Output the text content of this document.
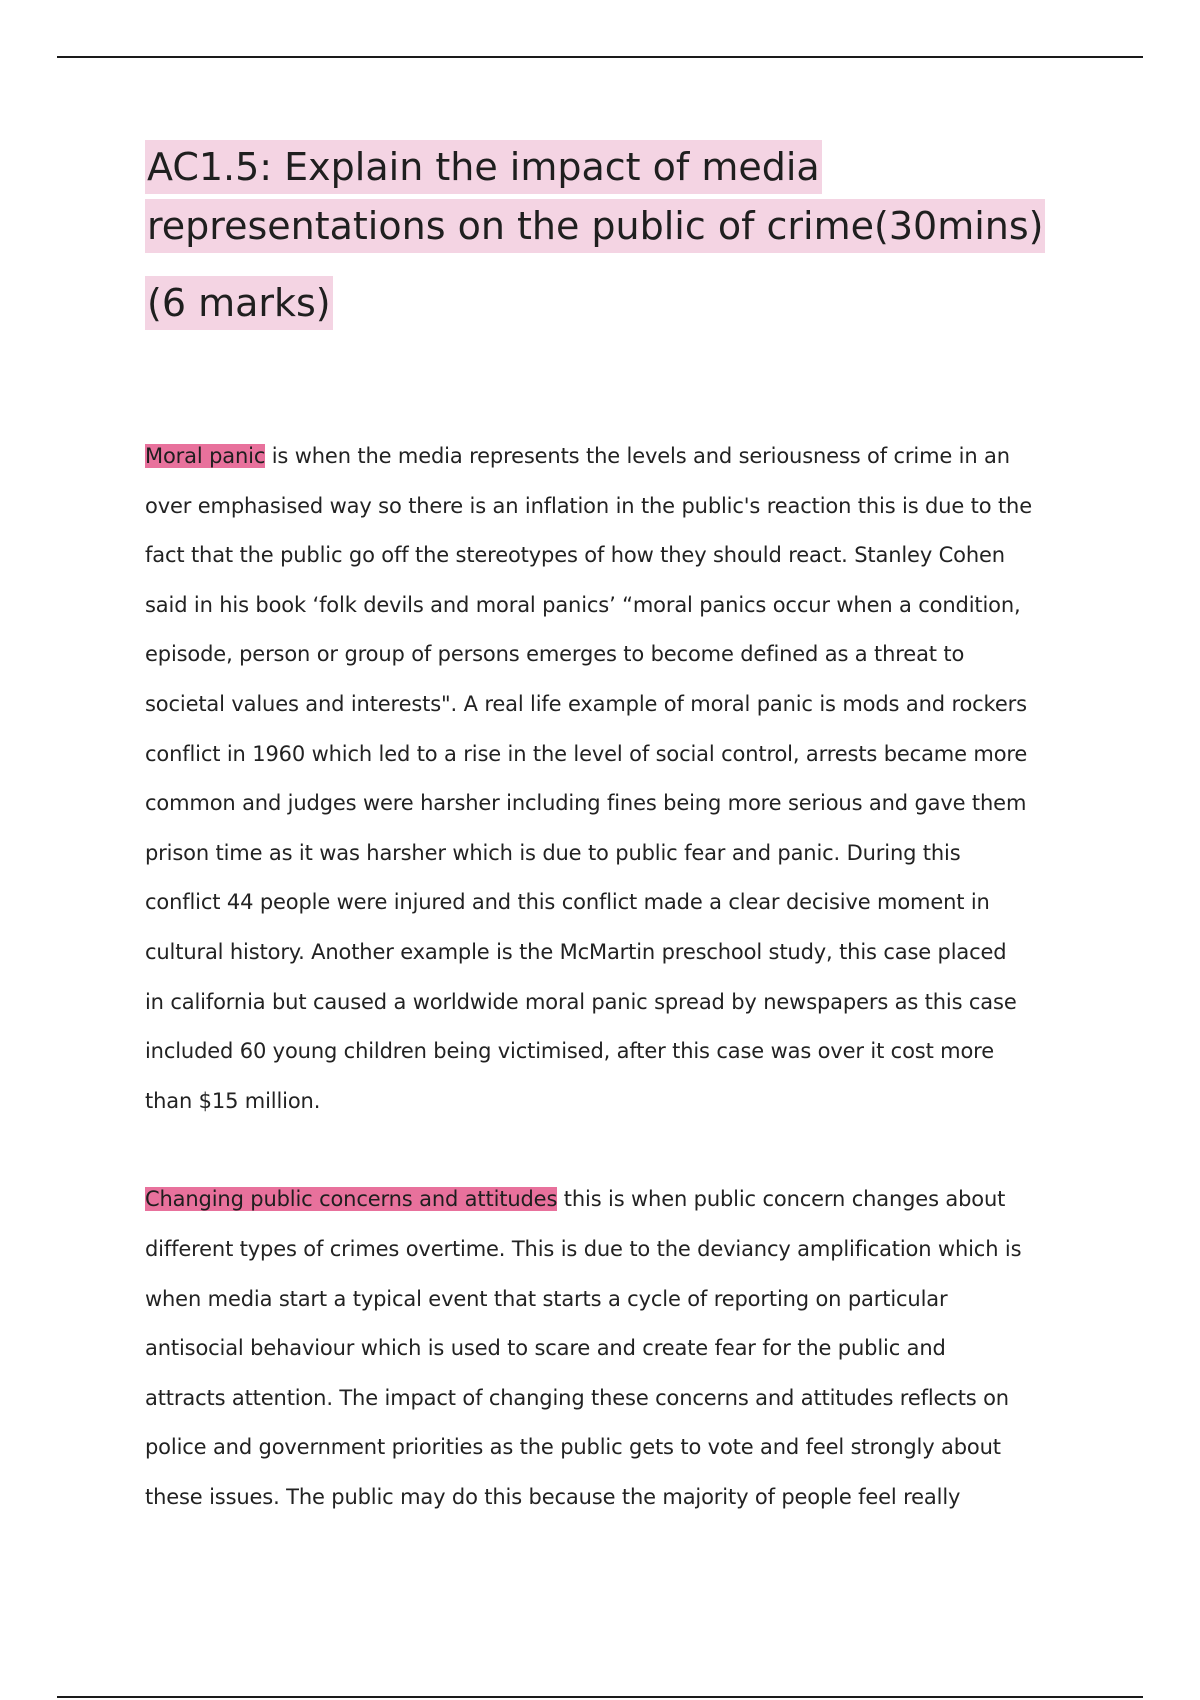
AC1.5: Explain the impact of media
representations on the public of crime(30mins)
(6 marks)

Moral panic is when the media represents the levels and seriousness of crime in an
over emphasised way so there is an inflation in the public's reaction this is due to the
fact that the public go off the stereotypes of how they should react. Stanley Cohen
said in his book ‘folk devils and moral panics’ “moral panics occur when a condition,
episode, person or group of persons emerges to become defined as a threat to
societal values and interests". A real life example of moral panic is mods and rockers
conflict in 1960 which led to a rise in the level of social control, arrests became more
common and judges were harsher including fines being more serious and gave them
prison time as it was harsher which is due to public fear and panic. During this
conflict 44 people were injured and this conflict made a clear decisive moment in
cultural history. Another example is the McMartin preschool study, this case placed
in california but caused a worldwide moral panic spread by newspapers as this case
included 60 young children being victimised, after this case was over it cost more
than $15 million.

Changing public concerns and attitudes this is when public concern changes about
different types of crimes overtime. This is due to the deviancy amplification which is
when media start a typical event that starts a cycle of reporting on particular
antisocial behaviour which is used to scare and create fear for the public and
attracts attention. The impact of changing these concerns and attitudes reflects on
police and government priorities as the public gets to vote and feel strongly about
these issues. The public may do this because the majority of people feel really
